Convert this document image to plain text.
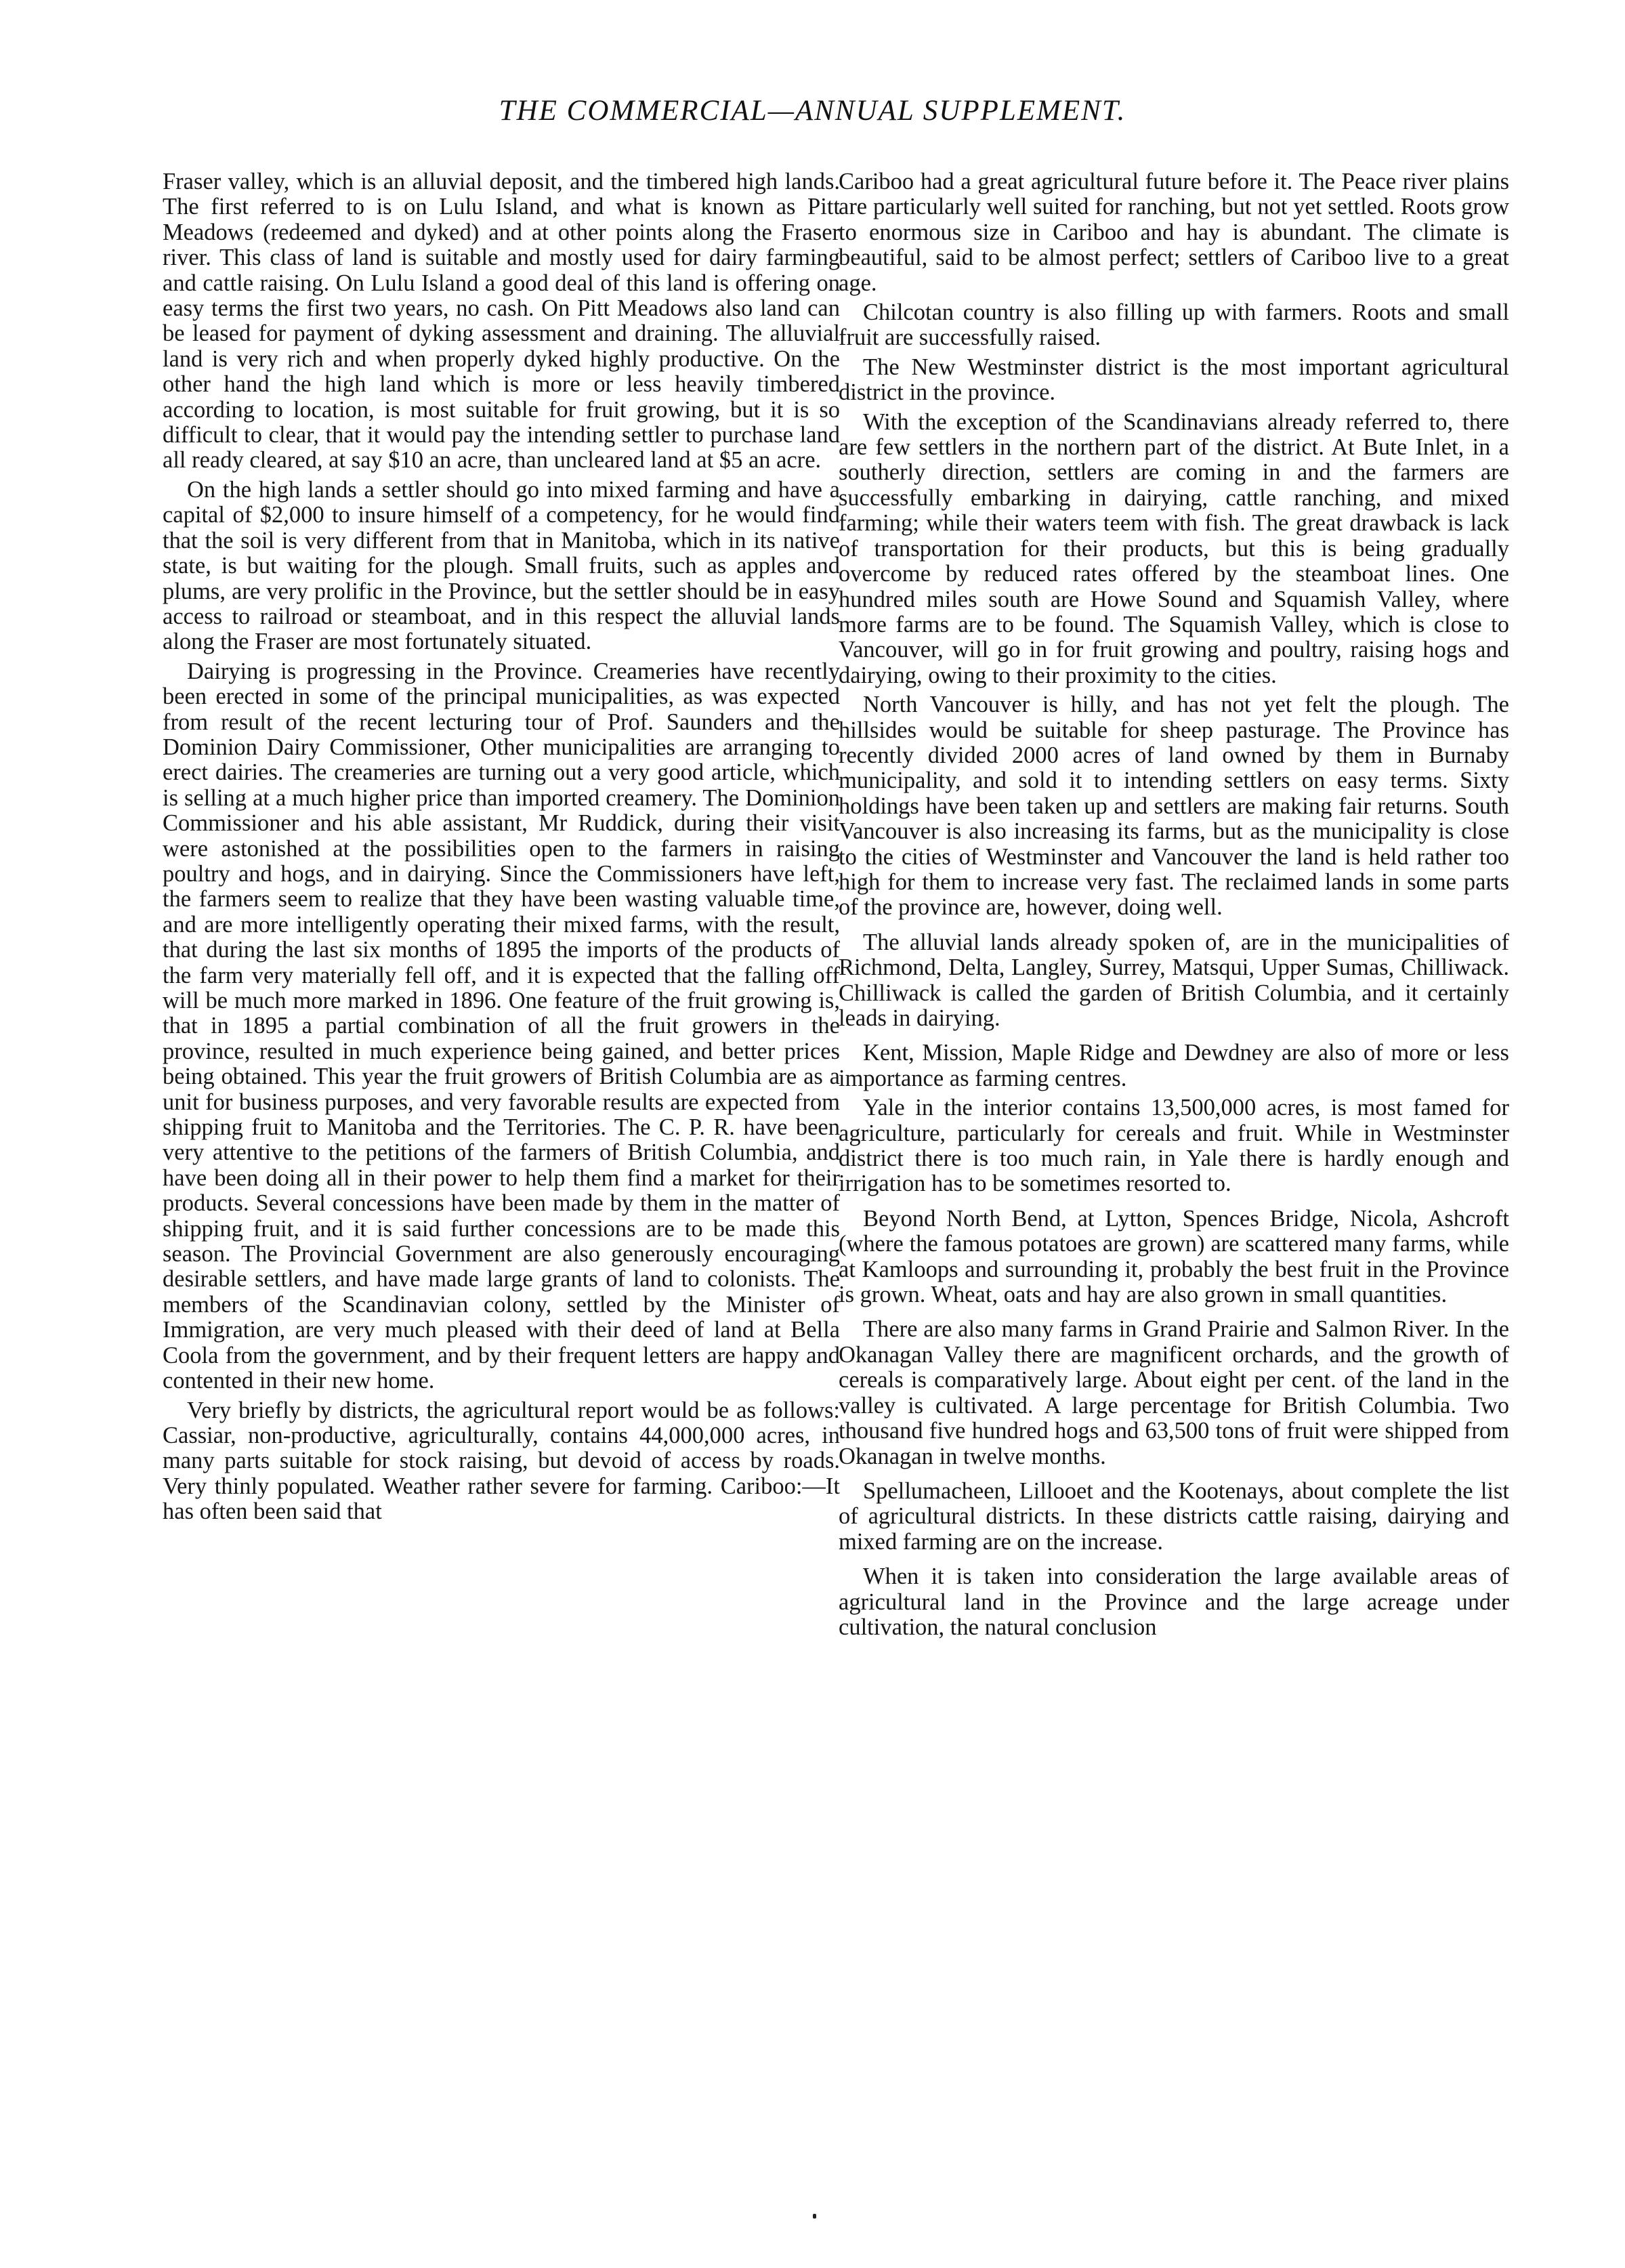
THE COMMERCIAL—ANNUAL SUPPLEMENT.

Fraser valley, which is an alluvial deposit, and the timbered high lands. The first referred to is on Lulu Island, and what is known as Pitt Meadows (redeemed and dyked) and at other points along the Fraser river. This class of land is suitable and mostly used for dairy farming and cattle raising. On Lulu Island a good deal of this land is offering on easy terms the first two years, no cash. On Pitt Meadows also land can be leased for payment of dyking assessment and draining. The alluvial land is very rich and when properly dyked highly productive. On the other hand the high land which is more or less heavily timbered according to location, is most suitable for fruit growing, but it is so difficult to clear, that it would pay the intending settler to purchase land all ready cleared, at say $10 an acre, than uncleared land at $5 an acre.

On the high lands a settler should go into mixed farming and have a capital of $2,000 to insure himself of a competency, for he would find that the soil is very different from that in Manitoba, which in its native state, is but waiting for the plough. Small fruits, such as apples and plums, are very prolific in the Province, but the settler should be in easy access to railroad or steamboat, and in this respect the alluvial lands along the Fraser are most fortunately situated.

Dairying is progressing in the Province. Creameries have recently been erected in some of the principal municipalities, as was expected from result of the recent lecturing tour of Prof. Saunders and the Dominion Dairy Commissioner, Other municipalities are arranging to erect dairies. The creameries are turning out a very good article, which is selling at a much higher price than imported creamery. The Dominion Commissioner and his able assistant, Mr Ruddick, during their visit were astonished at the possibilities open to the farmers in raising poultry and hogs, and in dairying. Since the Commissioners have left, the farmers seem to realize that they have been wasting valuable time, and are more intelligently operating their mixed farms, with the result, that during the last six months of 1895 the imports of the products of the farm very materially fell off, and it is expected that the falling off will be much more marked in 1896. One feature of the fruit growing is, that in 1895 a partial combination of all the fruit growers in the province, resulted in much experience being gained, and better prices being obtained. This year the fruit growers of British Columbia are as a unit for business purposes, and very favorable results are expected from shipping fruit to Manitoba and the Territories. The C. P. R. have been very attentive to the petitions of the farmers of British Columbia, and have been doing all in their power to help them find a market for their products. Several concessions have been made by them in the matter of shipping fruit, and it is said further concessions are to be made this season. The Provincial Government are also generously encouraging desirable settlers, and have made large grants of land to colonists. The members of the Scandinavian colony, settled by the Minister of Immigration, are very much pleased with their deed of land at Bella Coola from the government, and by their frequent letters are happy and contented in their new home.

Very briefly by districts, the agricultural report would be as follows: Cassiar, non-productive, agriculturally, contains 44,000,000 acres, in many parts suitable for stock raising, but devoid of access by roads. Very thinly populated. Weather rather severe for farming. Cariboo:—It has often been said that

Cariboo had a great agricultural future before it. The Peace river plains are particularly well suited for ranching, but not yet settled. Roots grow to enormous size in Cariboo and hay is abundant. The climate is beautiful, said to be almost perfect; settlers of Cariboo live to a great age.

Chilcotan country is also filling up with farmers. Roots and small fruit are successfully raised.

The New Westminster district is the most important agricultural district in the province.

With the exception of the Scandinavians already referred to, there are few settlers in the northern part of the district. At Bute Inlet, in a southerly direction, settlers are coming in and the farmers are successfully embarking in dairying, cattle ranching, and mixed farming; while their waters teem with fish. The great drawback is lack of transportation for their products, but this is being gradually overcome by reduced rates offered by the steamboat lines. One hundred miles south are Howe Sound and Squamish Valley, where more farms are to be found. The Squamish Valley, which is close to Vancouver, will go in for fruit growing and poultry, raising hogs and dairying, owing to their proximity to the cities.

North Vancouver is hilly, and has not yet felt the plough. The hillsides would be suitable for sheep pasturage. The Province has recently divided 2000 acres of land owned by them in Burnaby municipality, and sold it to intending settlers on easy terms. Sixty holdings have been taken up and settlers are making fair returns. South Vancouver is also increasing its farms, but as the municipality is close to the cities of Westminster and Vancouver the land is held rather too high for them to increase very fast. The reclaimed lands in some parts of the province are, however, doing well.

The alluvial lands already spoken of, are in the municipalities of Richmond, Delta, Langley, Surrey, Matsqui, Upper Sumas, Chilliwack. Chilliwack is called the garden of British Columbia, and it certainly leads in dairying.

Kent, Mission, Maple Ridge and Dewdney are also of more or less importance as farming centres.

Yale in the interior contains 13,500,000 acres, is most famed for agriculture, particularly for cereals and fruit. While in Westminster district there is too much rain, in Yale there is hardly enough and irrigation has to be sometimes resorted to.

Beyond North Bend, at Lytton, Spences Bridge, Nicola, Ashcroft (where the famous potatoes are grown) are scattered many farms, while at Kamloops and surrounding it, probably the best fruit in the Province is grown. Wheat, oats and hay are also grown in small quantities.

There are also many farms in Grand Prairie and Salmon River. In the Okanagan Valley there are magnificent orchards, and the growth of cereals is comparatively large. About eight per cent. of the land in the valley is cultivated. A large percentage for British Columbia. Two thousand five hundred hogs and 63,500 tons of fruit were shipped from Okanagan in twelve months.

Spellumacheen, Lillooet and the Kootenays, about complete the list of agricultural districts. In these districts cattle raising, dairying and mixed farming are on the increase.

When it is taken into consideration the large available areas of agricultural land in the Province and the large acreage under cultivation, the natural conclusion
